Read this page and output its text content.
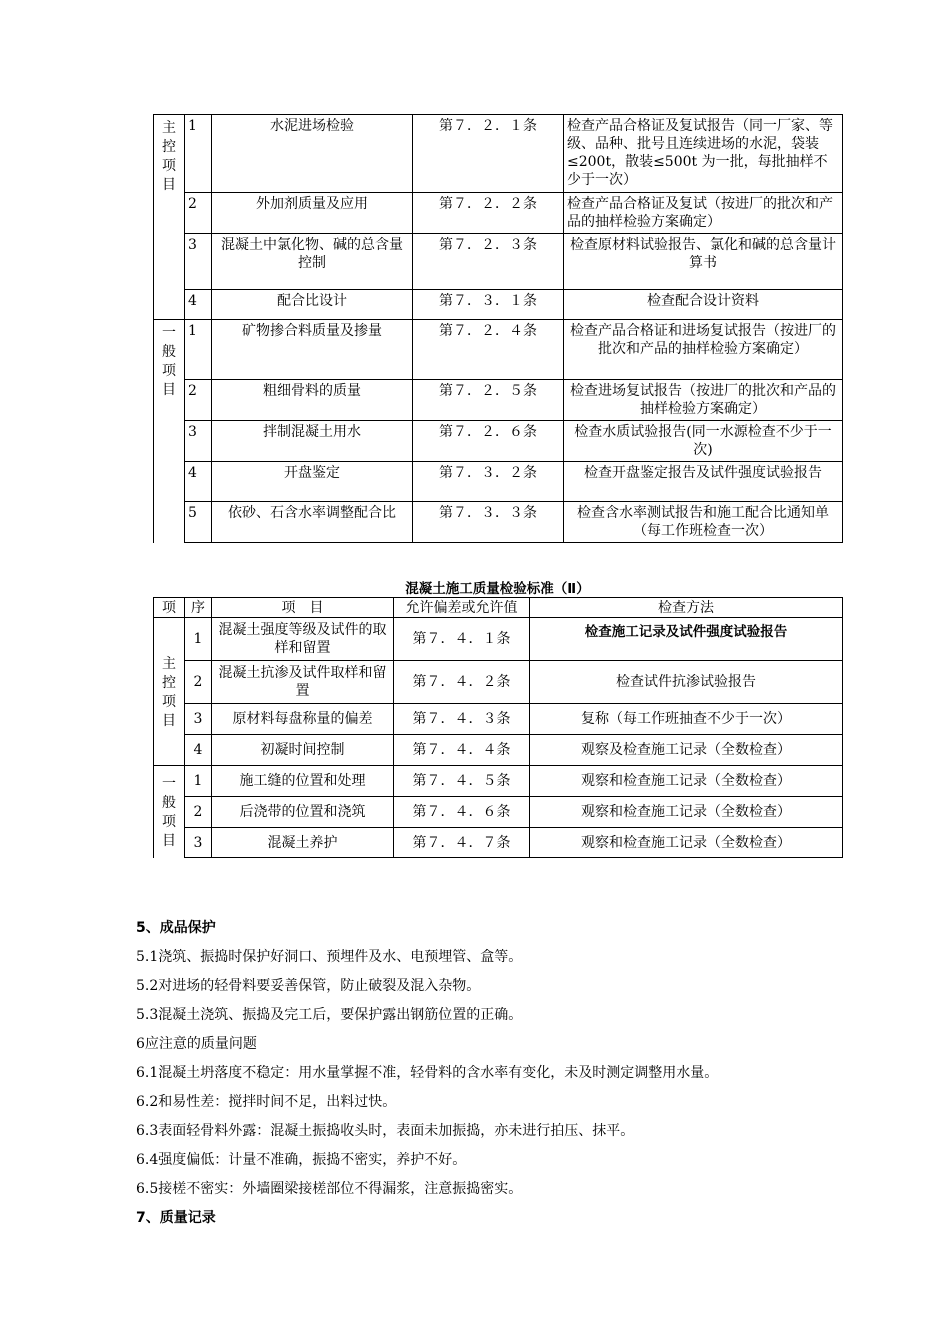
主
控
项
目	1	水泥进场检验	第７．２．１条	检查产品合格证及复试报告（同一厂家、等级、品种、批号且连续进场的水泥，袋装≤200t，散装≤500t 为一批，每批抽样不少于一次）
	2	外加剂质量及应用	第７．２．２条	检查产品合格证及复试（按进厂的批次和产品的抽样检验方案确定）
	3	混凝土中氯化物、碱的总含量控制	第７．２．３条	检查原材料试验报告、氯化和碱的总含量计算书
	4	配合比设计	第７．３．１条	检查配合设计资料

一
般
项
目	1	矿物掺合料质量及掺量	第７．２．４条	检查产品合格证和进场复试报告（按进厂的批次和产品的抽样检验方案确定）
	2	粗细骨料的质量	第７．２．５条	检查进场复试报告（按进厂的批次和产品的抽样检验方案确定）
	3	拌制混凝土用水	第７．２．６条	检查水质试验报告(同一水源检查不少于一次)
	4	开盘鉴定	第７．３．２条	检查开盘鉴定报告及试件强度试验报告
	5	依砂、石含水率调整配合比	第７．３．３条	检查含水率测试报告和施工配合比通知单（每工作班检查一次）
混凝土施工质量检验标准（Ⅱ）
项	序	项　目	允许偏差或允许值	检查方法

主
控
项
目	1	混凝土强度等级及试件的取样和留置	第７．４．１条	检查施工记录及试件强度试验报告
	2	混凝土抗渗及试件取样和留置	第７．４．２条	检查试件抗渗试验报告
	3	原材料每盘称量的偏差	第７．４．３条	复称（每工作班抽查不少于一次）
	4	初凝时间控制	第７．４．４条	观察及检查施工记录（全数检查）

一
般
项
目	1	施工缝的位置和处理	第７．４．５条	观察和检查施工记录（全数检查）
	2	后浇带的位置和浇筑	第７．４．６条	观察和检查施工记录（全数检查）
	3	混凝土养护	第７．４．７条	观察和检查施工记录（全数检查）
5、成品保护
5.1浇筑、振捣时保护好洞口、预埋件及水、电预埋管、盒等。
5.2对进场的轻骨料要妥善保管，防止破裂及混入杂物。
5.3混凝土浇筑、振捣及完工后，要保护露出钢筋位置的正确。
6应注意的质量问题
6.1混凝土坍落度不稳定：用水量掌握不准，轻骨料的含水率有变化，未及时测定调整用水量。
6.2和易性差：搅拌时间不足，出料过快。
6.3表面轻骨料外露：混凝土振捣收头时，表面未加振捣，亦未进行拍压、抹平。
6.4强度偏低：计量不准确，振捣不密实，养护不好。
6.5接槎不密实：外墙圈梁接槎部位不得漏浆，注意振捣密实。
7、质量记录
